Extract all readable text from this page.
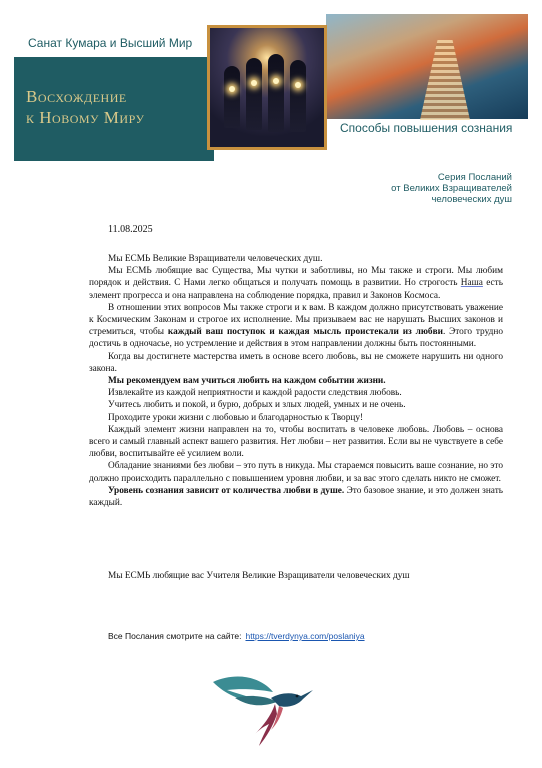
Санат Кумара и Высший Мир
Восхождение
к Новому Миру
Способы повышения сознания
Серия Посланий
от Великих Взращивателей
человеческих душ
11.08.2025

Мы ЕСМЬ Великие Взращиватели человеческих душ.

Мы ЕСМЬ любящие вас Существа, Мы чутки и заботливы, но Мы также и строги. Мы любим порядок и действия. С Нами легко общаться и получать помощь в развитии. Но строгость Наша есть элемент прогресса и она направлена на соблюдение порядка, правил и Законов Космоса.

В отношении этих вопросов Мы также строги и к вам. В каждом должно присутствовать уважение к Космическим Законам и строгое их исполнение. Мы призываем вас не нарушать Высших законов и стремиться, чтобы каждый ваш поступок и каждая мысль проистекали из любви. Этого трудно достичь в одночасье, но устремление и действия в этом направлении должны быть постоянными.

Когда вы достигнете мастерства иметь в основе всего любовь, вы не сможете нарушить ни одного закона.

Мы рекомендуем вам учиться любить на каждом событии жизни.

Извлекайте из каждой неприятности и каждой радости следствия любовь.

Учитесь любить и покой, и бурю, добрых и злых людей, умных и не очень.

Проходите уроки жизни с любовью и благодарностью к Творцу!

Каждый элемент жизни направлен на то, чтобы воспитать в человеке любовь. Любовь – основа всего и самый главный аспект вашего развития. Нет любви – нет развития. Если вы не чувствуете в себе любви, воспитывайте её усилием воли.

Обладание знаниями без любви – это путь в никуда. Мы стараемся повысить ваше сознание, но это должно происходить параллельно с повышением уровня любви, и за вас этого сделать никто не сможет.

Уровень сознания зависит от количества любви в душе. Это базовое знание, и это должен знать каждый.

Мы ЕСМЬ любящие вас Учителя Великие Взращиватели человеческих душ
Все Послания смотрите на сайте: https://tverdynya.com/poslaniya
